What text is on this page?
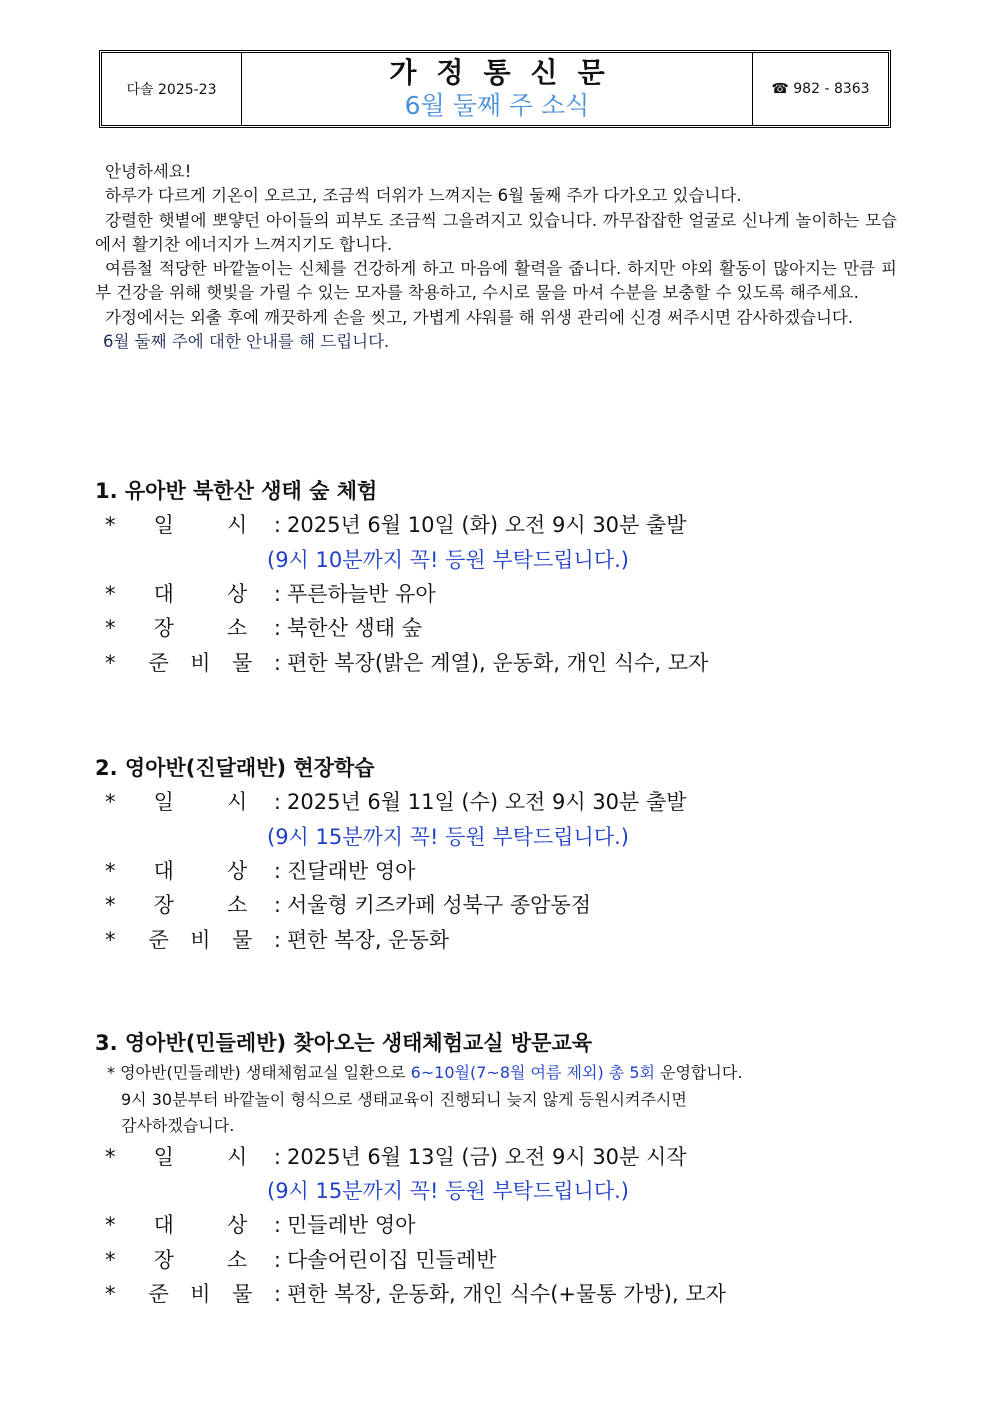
다솔 2025-23
가정통신문
6월 둘째 주 소식
☎ 982 - 8363

안녕하세요!

하루가 다르게 기온이 오르고, 조금씩 더위가 느껴지는 6월 둘째 주가 다가오고 있습니다.

강렬한 햇볕에 뽀얗던 아이들의 피부도 조금씩 그을려지고 있습니다. 까무잡잡한 얼굴로 신나게 놀이하는 모습에서 활기찬 에너지가 느껴지기도 합니다.

여름철 적당한 바깥놀이는 신체를 건강하게 하고 마음에 활력을 줍니다. 하지만 야외 활동이 많아지는 만큼 피부 건강을 위해 햇빛을 가릴 수 있는 모자를 착용하고, 수시로 물을 마셔 수분을 보충할 수 있도록 해주세요.

가정에서는 외출 후에 깨끗하게 손을 씻고, 가볍게 샤워를 해 위생 관리에 신경 써주시면 감사하겠습니다.

6월 둘째 주에 대한 안내를 해 드립니다.

1. 유아반 북한산 생태 숲 체험
*	일	시 : 2025년 6월 10일 (화) 오전 9시 30분 출발
(9시 10분까지 꼭! 등원 부탁드립니다.)
*	대	상 : 푸른하늘반 유아
*	장	소 : 북한산 생태 숲
*	준 비 물 : 편한 복장(밝은 계열), 운동화, 개인 식수, 모자
2. 영아반(진달래반) 현장학습
*	일	시 : 2025년 6월 11일 (수) 오전 9시 30분 출발
(9시 15분까지 꼭! 등원 부탁드립니다.)
*	대	상 : 진달래반 영아
*	장	소 : 서울형 키즈카페 성북구 종암동점
*	준 비 물 : 편한 복장, 운동화
3. 영아반(민들레반) 찾아오는 생태체험교실 방문교육
* 영아반(민들레반) 생태체험교실 일환으로 6~10월(7~8월 여름 제외) 총 5회 운영합니다.
9시 30분부터 바깥놀이 형식으로 생태교육이 진행되니 늦지 않게 등원시켜주시면
감사하겠습니다.
*	일	시 : 2025년 6월 13일 (금) 오전 9시 30분 시작
(9시 15분까지 꼭! 등원 부탁드립니다.)
*	대	상 : 민들레반 영아
*	장	소 : 다솔어린이집 민들레반
*	준 비 물 : 편한 복장, 운동화, 개인 식수(+물통 가방), 모자
